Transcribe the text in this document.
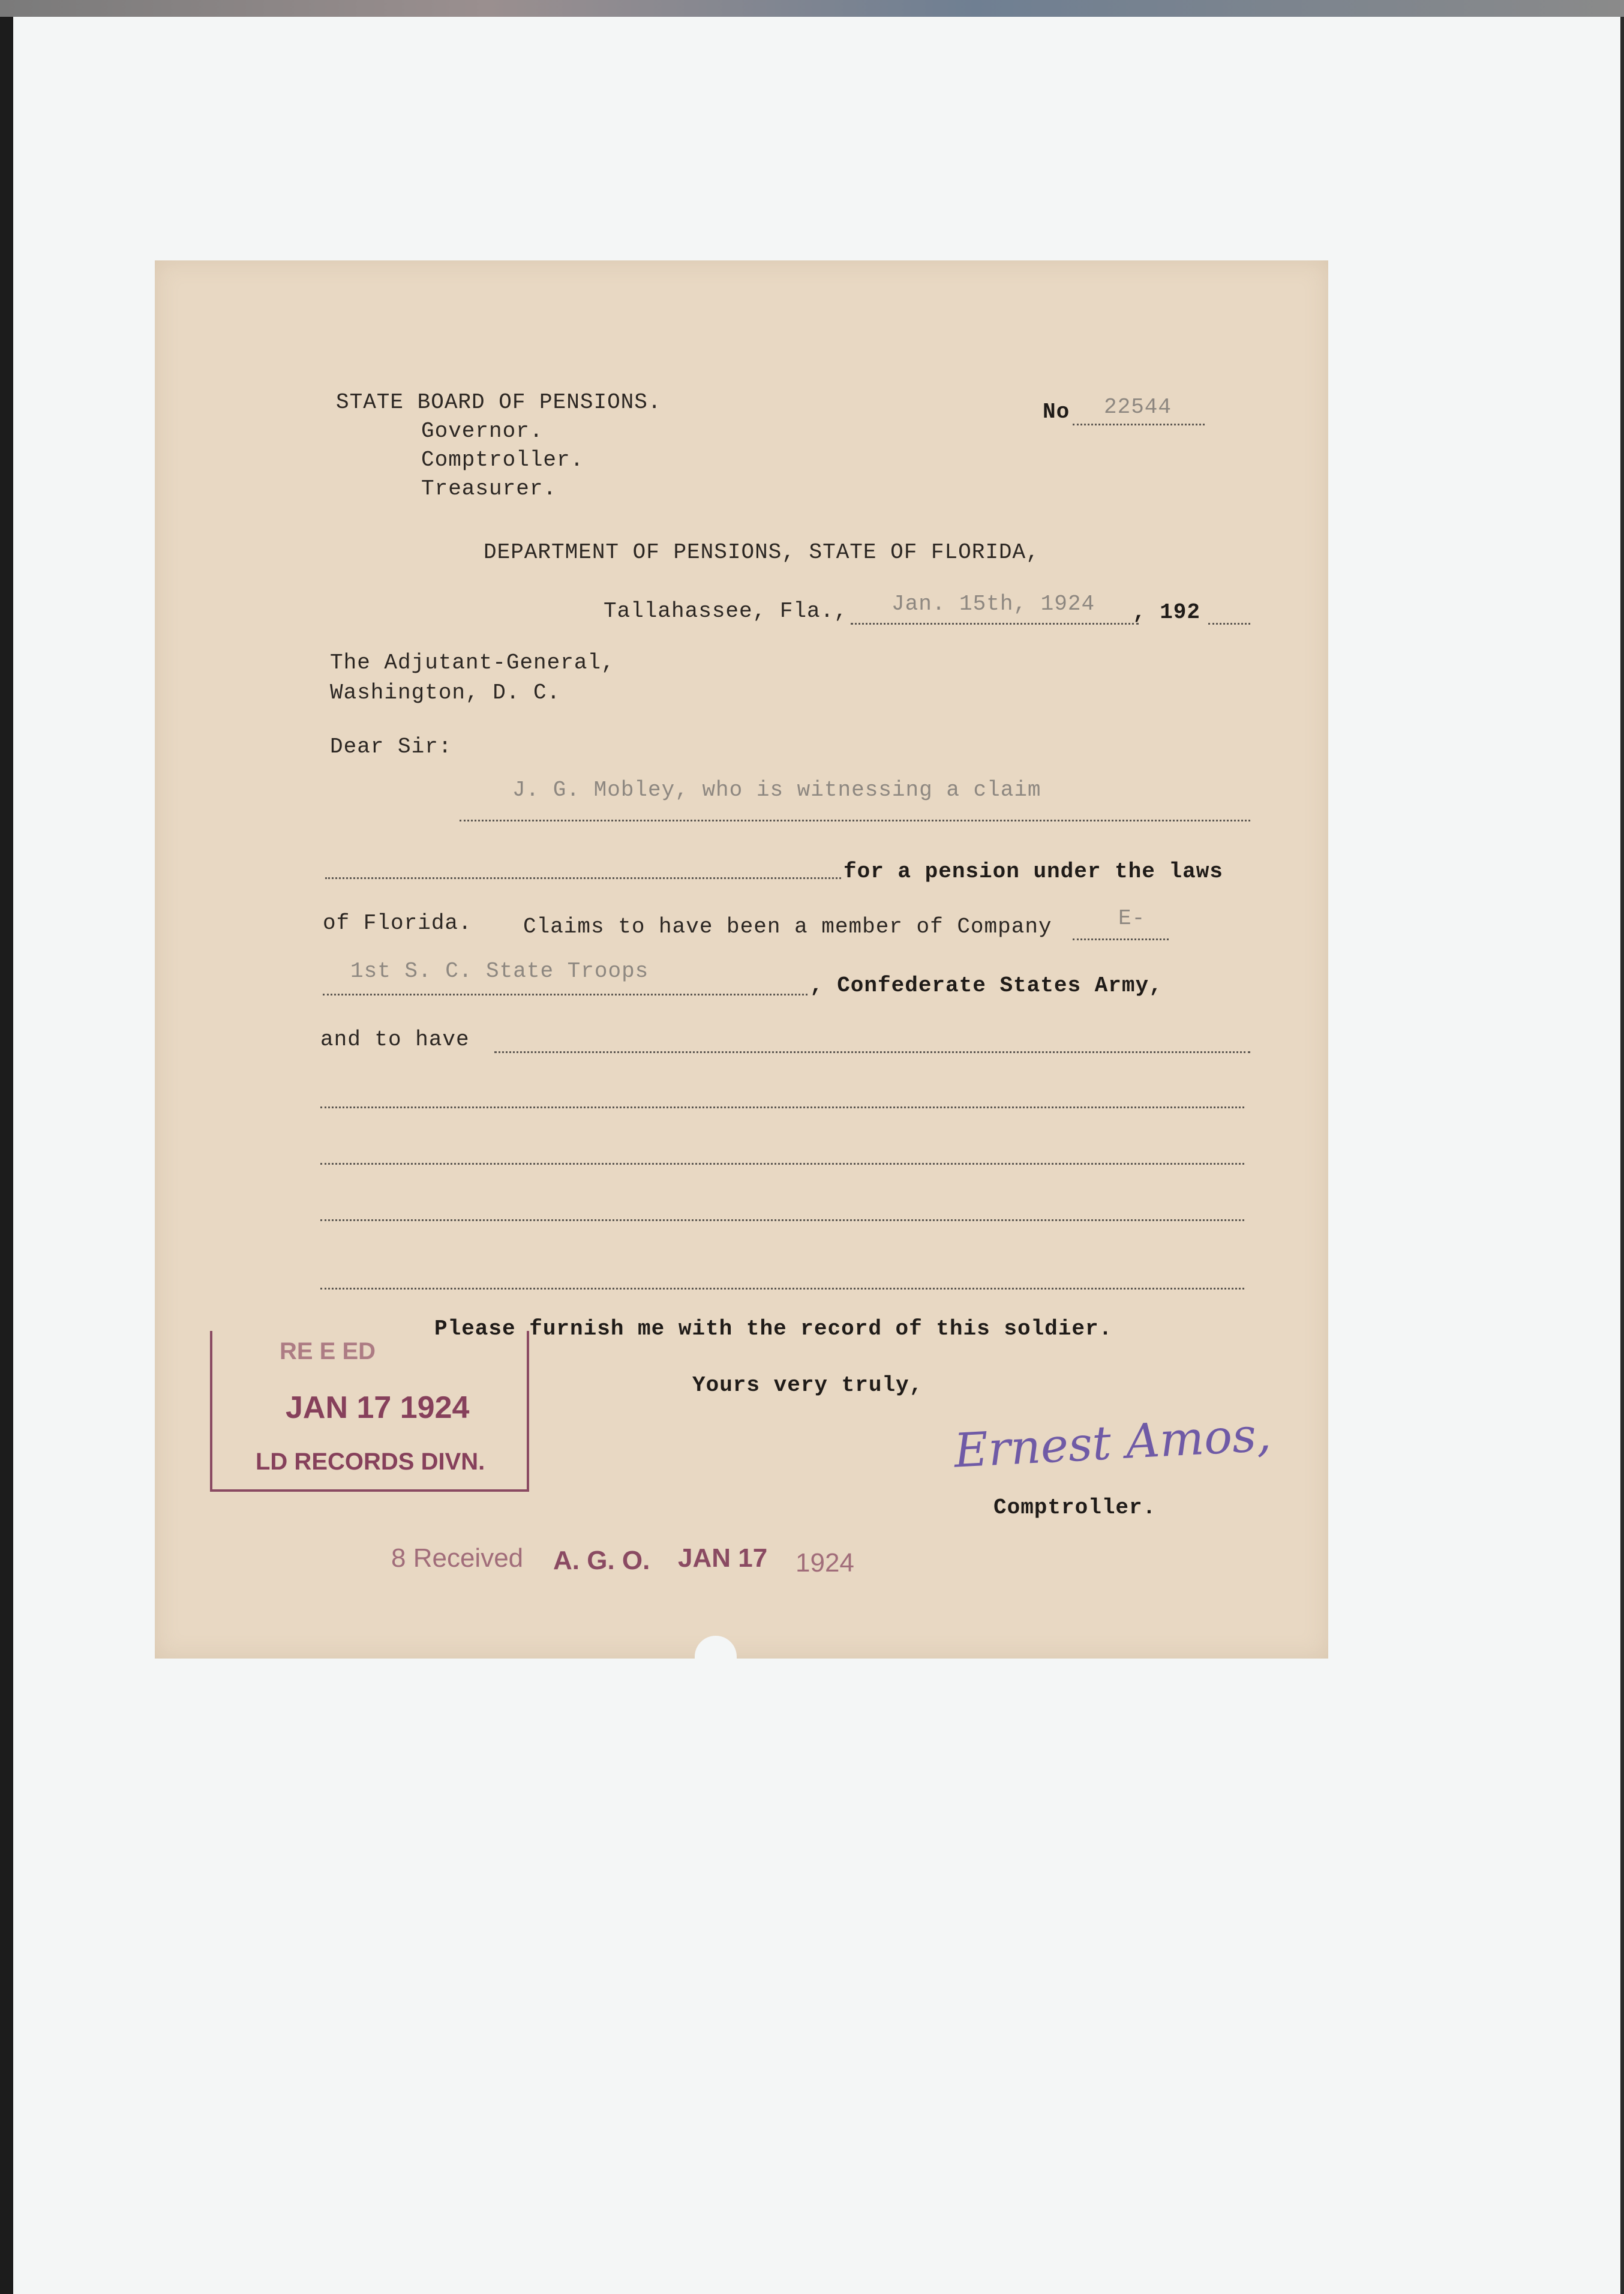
STATE BOARD OF PENSIONS.
Governor.
Comptroller.
Treasurer.
No 22544
DEPARTMENT OF PENSIONS, STATE OF FLORIDA,
Tallahassee, Fla., Jan. 15th, 1924 , 192
The Adjutant-General,
Washington, D. C.
Dear Sir:
J. G. Mobley, who is witnessing a claim
for a pension under the laws
of Florida. Claims to have been a member of Company	E-
1st S. C. State Troops
, Confederate States Army,
and to have
Please furnish me with the record of this soldier.
Yours very truly,
Ernest Amos,
Comptroller.
RE E ED
JAN 17 1924
LD RECORDS DIVN.
8 Received A. G. O. JAN 17 1924
